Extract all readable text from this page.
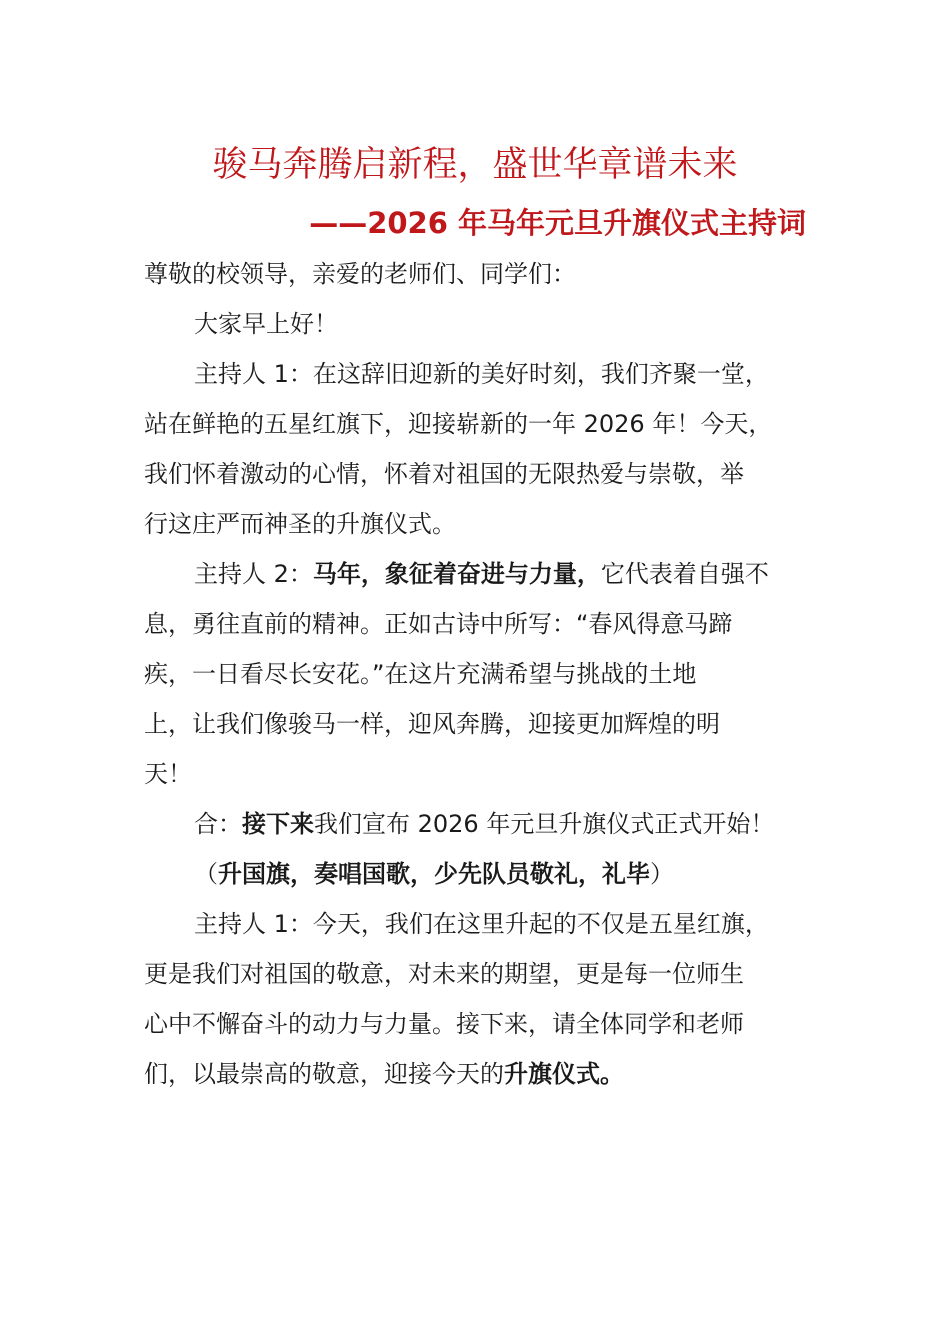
骏马奔腾启新程，盛世华章谱未来
——2026 年马年元旦升旗仪式主持词
尊敬的校领导，亲爱的老师们、同学们：
大家早上好！
主持人 1：在这辞旧迎新的美好时刻，我们齐聚一堂，
站在鲜艳的五星红旗下，迎接崭新的一年 2026 年！今天，
我们怀着激动的心情，怀着对祖国的无限热爱与崇敬，举
行这庄严而神圣的升旗仪式。
主持人 2：马年，象征着奋进与力量，它代表着自强不
息，勇往直前的精神。正如古诗中所写：“春风得意马蹄
疾，一日看尽长安花。”在这片充满希望与挑战的土地
上，让我们像骏马一样，迎风奔腾，迎接更加辉煌的明
天！
合：接下来我们宣布 2026 年元旦升旗仪式正式开始！
（升国旗，奏唱国歌，少先队员敬礼，礼毕）
主持人 1：今天，我们在这里升起的不仅是五星红旗，
更是我们对祖国的敬意，对未来的期望，更是每一位师生
心中不懈奋斗的动力与力量。接下来，请全体同学和老师
们，以最崇高的敬意，迎接今天的升旗仪式。
